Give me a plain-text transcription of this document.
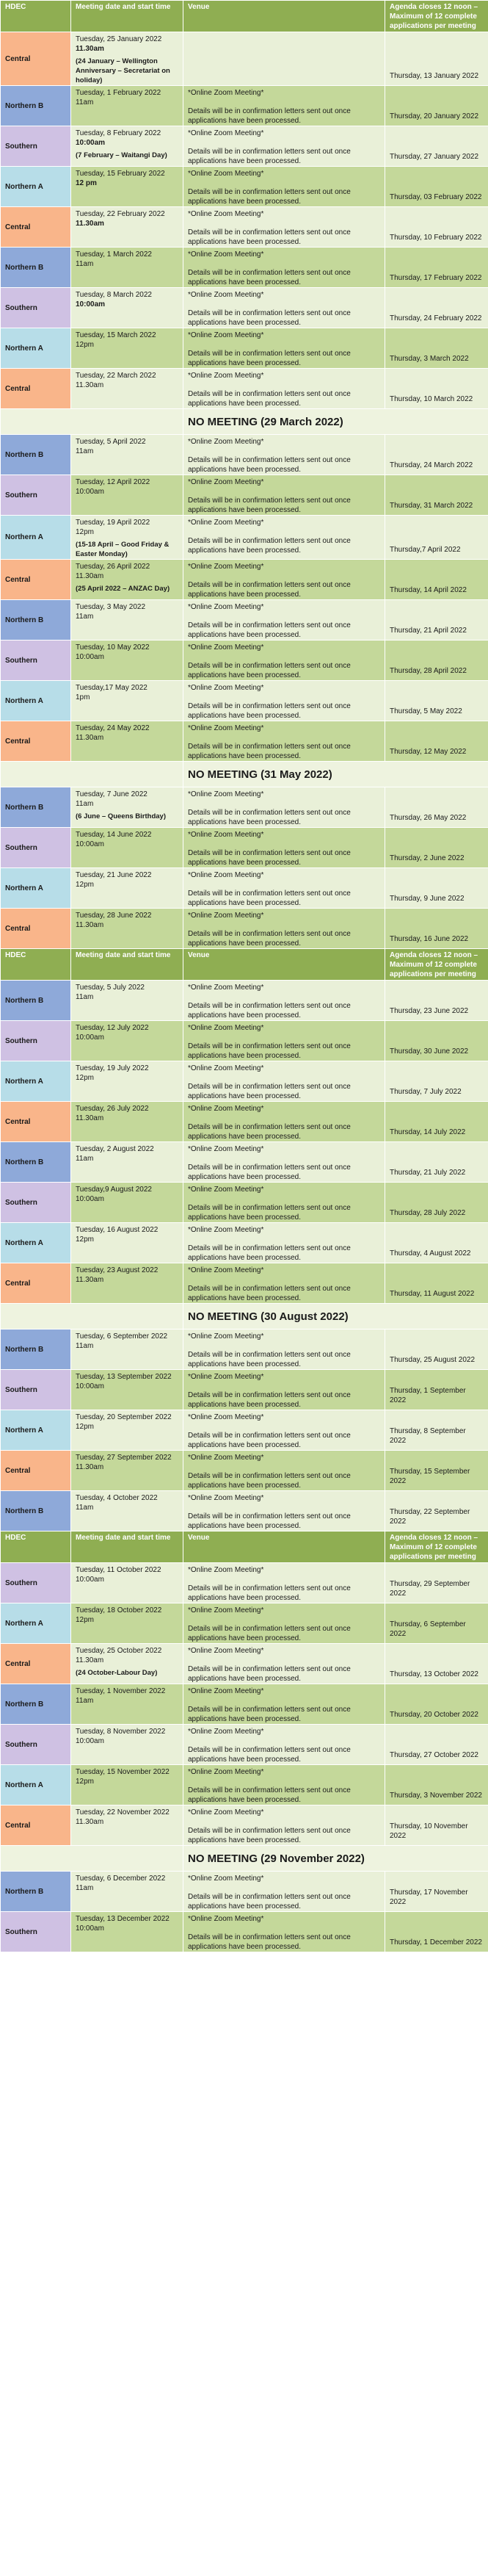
HDEC	Meeting date and start time	Venue	Agenda closes 12 noon – Maximum of 12 complete applications per meeting
Central	Tuesday, 25 January 2022
11.30am
(24 January – Wellington Anniversary – Secretariat on holiday)		Thursday, 13 January 2022
Northern B	Tuesday, 1 February 2022
11am	*Online Zoom Meeting*
Details will be in confirmation letters sent out once applications have been processed.	Thursday, 20 January 2022
Southern	Tuesday, 8 February 2022
10:00am
(7 February – Waitangi Day)	*Online Zoom Meeting*
Details will be in confirmation letters sent out once applications have been processed.	Thursday, 27 January 2022
Northern A	Tuesday, 15 February 2022
12 pm	*Online Zoom Meeting*
Details will be in confirmation letters sent out once applications have been processed.	Thursday, 03 February 2022
Central	Tuesday, 22 February 2022
11.30am	*Online Zoom Meeting*
Details will be in confirmation letters sent out once applications have been processed.	Thursday, 10 February 2022
Northern B	Tuesday, 1 March 2022
11am	*Online Zoom Meeting*
Details will be in confirmation letters sent out once applications have been processed.	Thursday, 17 February 2022
Southern	Tuesday, 8 March 2022
10:00am	*Online Zoom Meeting*
Details will be in confirmation letters sent out once applications have been processed.	Thursday, 24 February 2022
Northern A	Tuesday, 15 March 2022
12pm	*Online Zoom Meeting*
Details will be in confirmation letters sent out once applications have been processed.	Thursday, 3 March 2022
Central	Tuesday, 22 March 2022
11.30am	*Online Zoom Meeting*
Details will be in confirmation letters sent out once applications have been processed.	Thursday, 10 March 2022
		NO MEETING (29 March 2022)	
Northern B	Tuesday, 5 April 2022
11am	*Online Zoom Meeting*
Details will be in confirmation letters sent out once applications have been processed.	Thursday, 24 March 2022
Southern	Tuesday, 12 April 2022
10:00am	*Online Zoom Meeting*
Details will be in confirmation letters sent out once applications have been processed.	Thursday, 31 March 2022
Northern A	Tuesday, 19 April 2022
12pm
(15-18 April – Good Friday & Easter Monday)	*Online Zoom Meeting*
Details will be in confirmation letters sent out once applications have been processed.	Thursday,7 April 2022
Central	Tuesday, 26 April 2022
11.30am
(25 April 2022 – ANZAC Day)	*Online Zoom Meeting*
Details will be in confirmation letters sent out once applications have been processed.	Thursday, 14 April 2022
Northern B	Tuesday, 3 May 2022
11am	*Online Zoom Meeting*
Details will be in confirmation letters sent out once applications have been processed.	Thursday, 21 April 2022
Southern	Tuesday, 10 May 2022
10:00am	*Online Zoom Meeting*
Details will be in confirmation letters sent out once applications have been processed.	Thursday, 28 April 2022
Northern A	Tuesday,17 May 2022
1pm	*Online Zoom Meeting*
Details will be in confirmation letters sent out once applications have been processed.	Thursday, 5 May 2022
Central	Tuesday, 24 May 2022
11.30am	*Online Zoom Meeting*
Details will be in confirmation letters sent out once applications have been processed.	Thursday, 12 May 2022
		NO MEETING (31 May 2022)	
Northern B	Tuesday, 7 June 2022
11am
(6 June – Queens Birthday)	*Online Zoom Meeting*
Details will be in confirmation letters sent out once applications have been processed.	Thursday, 26 May 2022
Southern	Tuesday, 14 June 2022
10:00am	*Online Zoom Meeting*
Details will be in confirmation letters sent out once applications have been processed.	Thursday, 2 June 2022
Northern A	Tuesday, 21 June 2022
12pm	*Online Zoom Meeting*
Details will be in confirmation letters sent out once applications have been processed.	Thursday, 9 June 2022
Central	Tuesday, 28 June 2022
11.30am	*Online Zoom Meeting*
Details will be in confirmation letters sent out once applications have been processed.	Thursday, 16 June 2022
HDEC	Meeting date and start time	Venue	Agenda closes 12 noon – Maximum of 12 complete applications per meeting
Northern B	Tuesday, 5 July 2022
11am	*Online Zoom Meeting*
Details will be in confirmation letters sent out once applications have been processed.	Thursday, 23 June 2022
Southern	Tuesday, 12 July 2022
10:00am	*Online Zoom Meeting*
Details will be in confirmation letters sent out once applications have been processed.	Thursday, 30 June 2022
Northern A	Tuesday, 19 July 2022
12pm	*Online Zoom Meeting*
Details will be in confirmation letters sent out once applications have been processed.	Thursday, 7 July 2022
Central	Tuesday, 26 July 2022
11.30am	*Online Zoom Meeting*
Details will be in confirmation letters sent out once applications have been processed.	Thursday, 14 July 2022
Northern B	Tuesday, 2 August 2022
11am	*Online Zoom Meeting*
Details will be in confirmation letters sent out once applications have been processed.	Thursday, 21 July 2022
Southern	Tuesday,9 August 2022
10:00am	*Online Zoom Meeting*
Details will be in confirmation letters sent out once applications have been processed.	Thursday, 28 July 2022
Northern A	Tuesday, 16 August 2022
12pm	*Online Zoom Meeting*
Details will be in confirmation letters sent out once applications have been processed.	Thursday, 4 August 2022
Central	Tuesday, 23 August 2022
11.30am	*Online Zoom Meeting*
Details will be in confirmation letters sent out once applications have been processed.	Thursday, 11 August 2022
		NO MEETING (30 August 2022)	
Northern B	Tuesday, 6 September 2022
11am	*Online Zoom Meeting*
Details will be in confirmation letters sent out once applications have been processed.	Thursday, 25 August 2022
Southern	Tuesday, 13 September 2022
10:00am	*Online Zoom Meeting*
Details will be in confirmation letters sent out once applications have been processed.	Thursday, 1 September 2022
Northern A	Tuesday, 20 September 2022
12pm	*Online Zoom Meeting*
Details will be in confirmation letters sent out once applications have been processed.	Thursday, 8 September 2022
Central	Tuesday, 27 September 2022
11.30am	*Online Zoom Meeting*
Details will be in confirmation letters sent out once applications have been processed.	Thursday, 15 September 2022
Northern B	Tuesday, 4 October 2022
11am	*Online Zoom Meeting*
Details will be in confirmation letters sent out once applications have been processed.	Thursday, 22 September 2022
HDEC	Meeting date and start time	Venue	Agenda closes 12 noon – Maximum of 12 complete applications per meeting
Southern	Tuesday, 11 October 2022
10:00am	*Online Zoom Meeting*
Details will be in confirmation letters sent out once applications have been processed.	Thursday, 29 September 2022
Northern A	Tuesday, 18 October 2022
12pm	*Online Zoom Meeting*
Details will be in confirmation letters sent out once applications have been processed.	Thursday, 6 September 2022
Central	Tuesday, 25 October 2022
11.30am
(24 October-Labour Day)	*Online Zoom Meeting*
Details will be in confirmation letters sent out once applications have been processed.	Thursday, 13 October 2022
Northern B	Tuesday, 1 November 2022
11am	*Online Zoom Meeting*
Details will be in confirmation letters sent out once applications have been processed.	Thursday, 20 October 2022
Southern	Tuesday, 8 November 2022
10:00am	*Online Zoom Meeting*
Details will be in confirmation letters sent out once applications have been processed.	Thursday, 27 October 2022
Northern A	Tuesday, 15 November 2022
12pm	*Online Zoom Meeting*
Details will be in confirmation letters sent out once applications have been processed.	Thursday, 3 November 2022
Central	Tuesday, 22 November 2022
11.30am	*Online Zoom Meeting*
Details will be in confirmation letters sent out once applications have been processed.	Thursday, 10 November 2022
		NO MEETING (29 November 2022)	
Northern B	Tuesday, 6 December 2022
11am	*Online Zoom Meeting*
Details will be in confirmation letters sent out once applications have been processed.	Thursday, 17 November 2022
Southern	Tuesday, 13 December 2022
10:00am	*Online Zoom Meeting*
Details will be in confirmation letters sent out once applications have been processed.	Thursday, 1 December 2022
